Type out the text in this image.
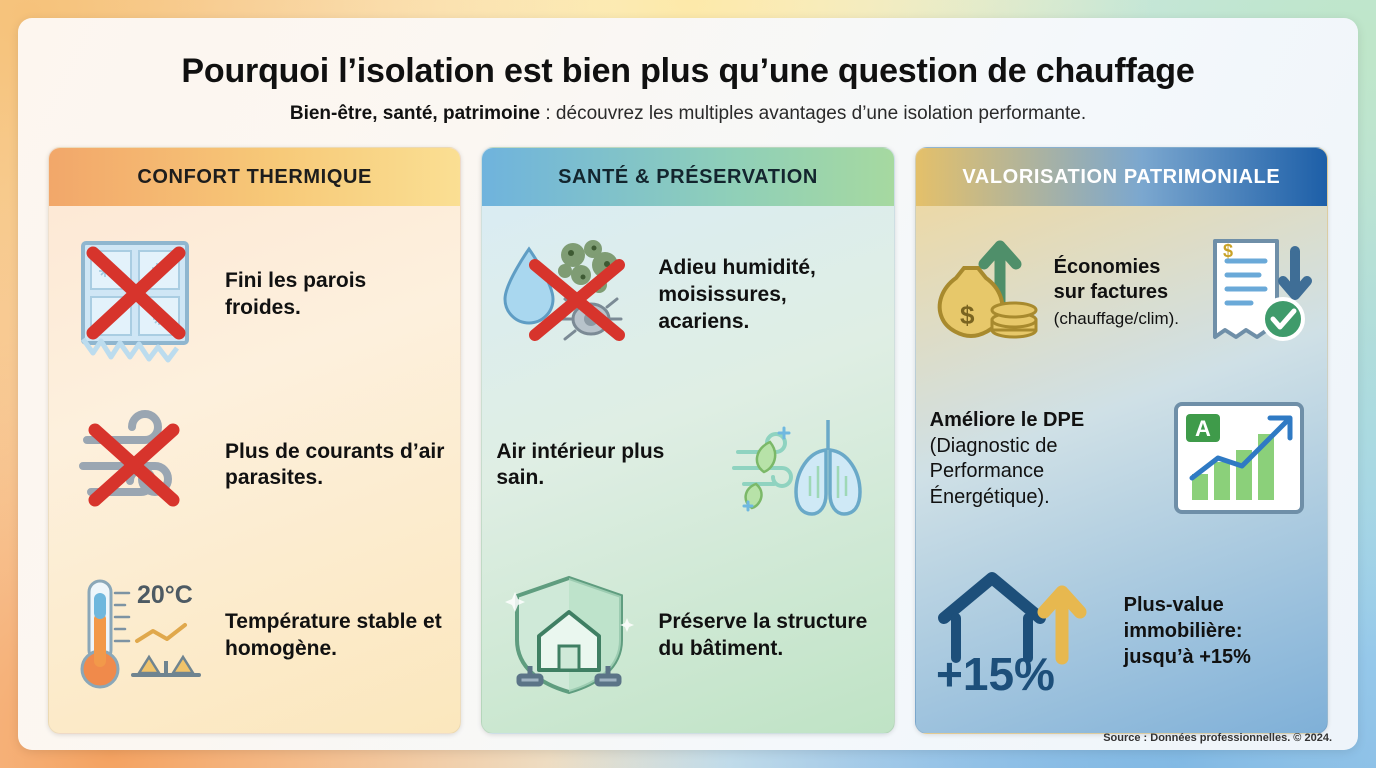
Pourquoi l’isolation est bien plus qu’une question de chauffage
Bien-être, santé, patrimoine : découvrez les multiples avantages d’une isolation performante.
CONFORT THERMIQUE
Fini les parois froides.
Plus de courants d’air parasites.
20°C
Température stable et homogène.
SANTÉ & PRÉSERVATION
Adieu humidité, moisissures, acariens.
Air intérieur plus sain.
Préserve la structure du bâtiment.
VALORISATION PATRIMONIALE
$
Économies sur factures
(chauffage/clim).
$
A
Améliore le DPE
(Diagnostic de Performance Énergétique).
+15%
Plus-value immobilière: jusqu’à +15%
Source : Données professionnelles. © 2024.
